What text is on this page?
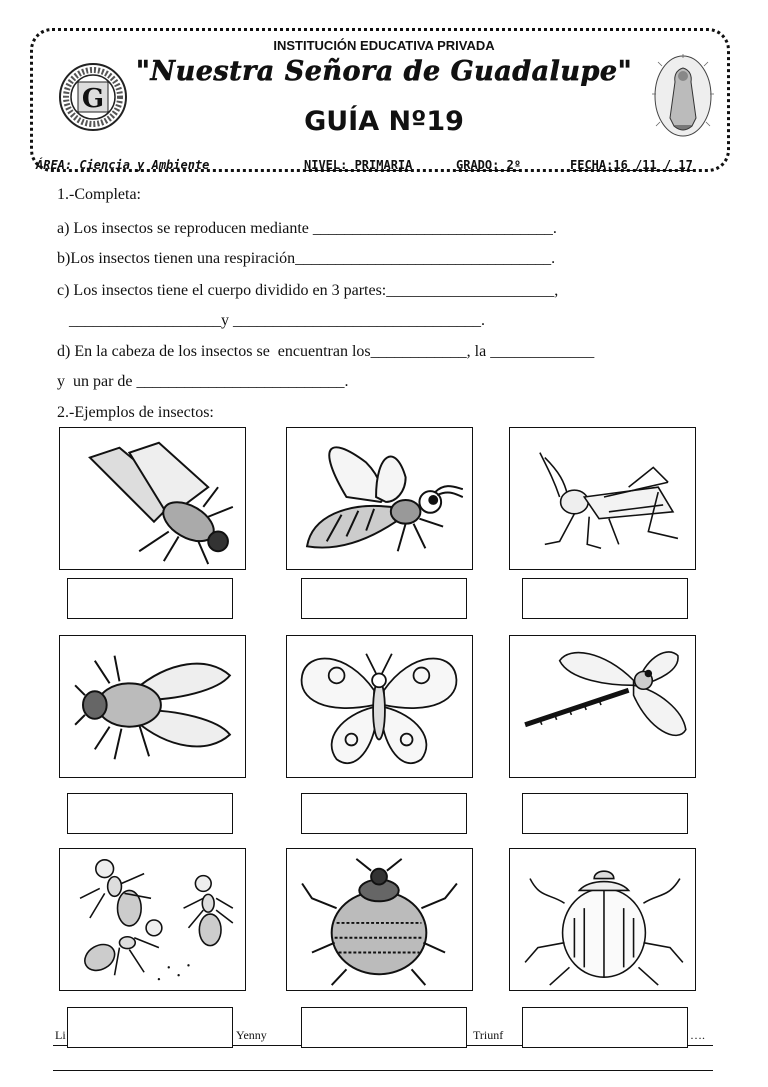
INSTITUCIÓN EDUCATIVA PRIVADA
"Nuestra Señora de Guadalupe"
GUÍA Nº19
G
ÁREA: Ciencia y Ambiente	NIVEL: PRIMARIA	GRADO: 2º	FECHA:16 /11 / 17
1.-Completa:
a) Los insectos se reproducen mediante ______________________________.
b)Los insectos tienen una respiración________________________________.
c) Los insectos tiene el cuerpo dividido en 3 partes:_____________________,
___________________y _______________________________.
d) En la cabeza de los insectos se  encuentran los____________, la _____________
y  un par de __________________________.
2.-Ejemplos de insectos:
Li	Yenny	Triunf	….
